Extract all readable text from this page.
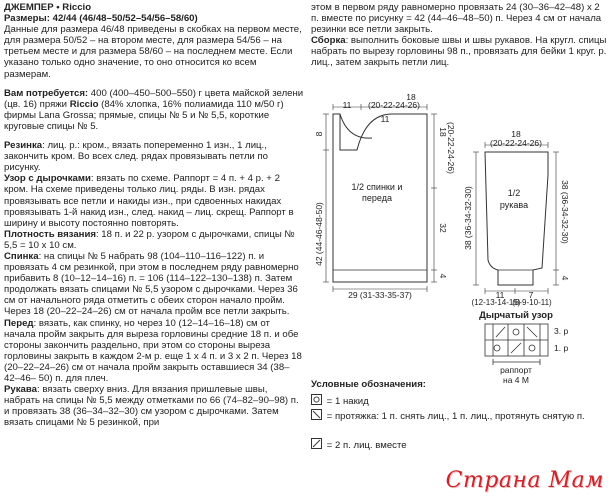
ДЖЕМПЕР • Riccio

Размеры: 42/44 (46/48–50/52–54/56–58/60)

Данные для размера 46/48 приведены в скобках на первом месте, для размера 50/52 – на втором месте, для размера 54/56 – на третьем месте и для размера 58/60 – на последнем месте. Если указано только одно значение, то оно относится ко всем размерам.

Вам потребуется: 400 (400–450–500–550) г цвета майской зелени (цв. 16) пряжи Riccio (84% хлопка, 16% полиамида 110 м/50 г) фирмы Lana Grossa; прямые, спицы № 5 и № 5,5, короткие круговые спицы № 5.

Резинка: лиц. р.: кром., вязать попеременно 1 изн., 1 лиц., закончить кром. Во всех след. рядах провязывать петли по рисунку.

Узор с дырочками: вязать по схеме. Раппорт = 4 п. + 4 р. + 2 кром. На схеме приведены только лиц. ряды. В изн. рядах провязывать все петли и накиды изн., при сдвоенных накидах провязывать 1-й накид изн., след. накид – лиц. скрещ. Раппорт в ширину и высоту постоянно повторять.

Плотность вязания: 18 п. и 22 р. узором с дырочками, спицы № 5,5 = 10 х 10 см.

Спинка: на спицы № 5 набрать 98 (104–110–116–122) п. и провязать 4 см резинкой, при этом в последнем ряду равномерно прибавить 8 (10–12–14–16) п. = 106 (114–122–130–138) п. Затем продолжать вязать спицами № 5,5 узором с дырочками. Через 36 см от начального ряда отметить с обеих сторон начало пройм. Через 18 (20–22–24–26) см от начала пройм все петли закрыть.

Перед: вязать, как спинку, но через 10 (12–14–16–18) см от начала пройм закрыть для выреза горловины средние 18 п. и обе стороны закончить раздельно, при этом со стороны выреза горловины закрыть в каждом 2-м р. еще 1 х 4 п. и 3 х 2 п. Через 18 (20–22–24–26) см от начала пройм закрыть оставшиеся 34 (38–42–46– 50) п. для плеч.

Рукава: вязать сверху вниз. Для вязания пришлевые швы, набрать на спицы № 5,5 между отметками по 66 (74–82–90–98) п. и провязать 38 (36–34–32–30) см узором с дырочками. Затем вязать спицами № 5 резинкой, при

этом в первом ряду равномерно провязать 24 (30–36–42–48) х 2 п. вместе по рисунку = 42 (44–46–48–50) п. Через 4 см от начала резинки все петли закрыть.

Сборка: выполнить боковые швы и швы рукавов. На кругл. спицы набрать по вырезу горловины 98 п., провязать для бейки 1 круг. р. лиц., затем закрыть петли лиц.

18
(20-22-24-26)
11
11
8	18
(20-22-24-26)
1/2 спинки и
переда
42 (44-46-48-50)	32
4
29 (31-33-35-37)
18
(20-22-24-26)
1/2
рукава
38 (36-34-32-30)	38 (36-34-32-30)
4
11	7
(12-13-14-15)
(8-9-10-11)
Дырчатый узор
3. р
1. р
раппорт
на 4 М
Условные обозначения:
= 1 накид
= протяжка: 1 п. снять лиц., 1 п. лиц., протянуть снятую п.
= 2 п. лиц. вместе
Страна Мам
